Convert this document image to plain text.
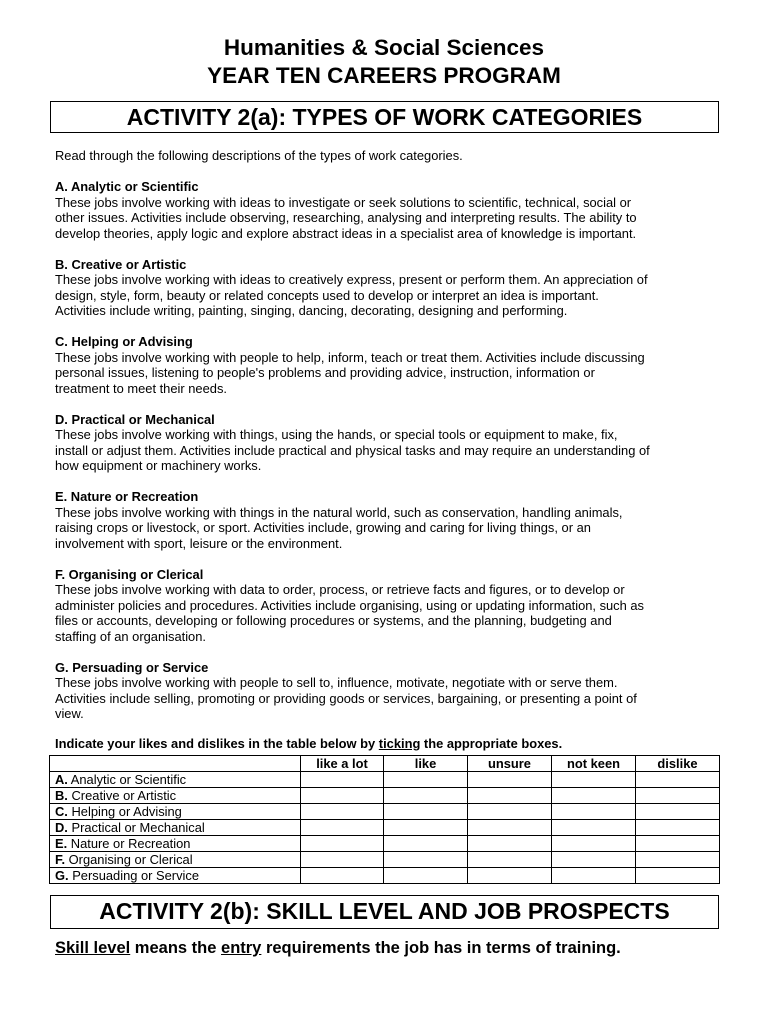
Humanities & Social Sciences
YEAR TEN CAREERS PROGRAM
ACTIVITY 2(a): TYPES OF WORK CATEGORIES

Read through the following descriptions of the types of work categories.

A. Analytic or Scientific

These jobs involve working with ideas to investigate or seek solutions to scientific, technical, social or

other issues. Activities include observing, researching, analysing and interpreting results. The ability to

develop theories, apply logic and explore abstract ideas in a specialist area of knowledge is important.

B. Creative or Artistic

These jobs involve working with ideas to creatively express, present or perform them. An appreciation of

design, style, form, beauty or related concepts used to develop or interpret an idea is important.

Activities include writing, painting, singing, dancing, decorating, designing and performing.

C. Helping or Advising

These jobs involve working with people to help, inform, teach or treat them. Activities include discussing

personal issues, listening to people's problems and providing advice, instruction, information or

treatment to meet their needs.

D. Practical or Mechanical

These jobs involve working with things, using the hands, or special tools or equipment to make, fix,

install or adjust them. Activities include practical and physical tasks and may require an understanding of

how equipment or machinery works.

E. Nature or Recreation

These jobs involve working with things in the natural world, such as conservation, handling animals,

raising crops or livestock, or sport. Activities include, growing and caring for living things, or an

involvement with sport, leisure or the environment.

F. Organising or Clerical

These jobs involve working with data to order, process, or retrieve facts and figures, or to develop or

administer policies and procedures. Activities include organising, using or updating information, such as

files or accounts, developing or following procedures or systems, and the planning, budgeting and

staffing of an organisation.

G. Persuading or Service

These jobs involve working with people to sell to, influence, motivate, negotiate with or serve them.

Activities include selling, promoting or providing goods or services, bargaining, or presenting a point of

view.

Indicate your likes and dislikes in the table below by ticking the appropriate boxes.

	like a lot	like	unsure	not keen	dislike
A. Analytic or Scientific					
B. Creative or Artistic					
C. Helping or Advising					
D. Practical or Mechanical					
E. Nature or Recreation					
F. Organising or Clerical					
G. Persuading or Service					
ACTIVITY 2(b): SKILL LEVEL AND JOB PROSPECTS
Skill level means the entry requirements the job has in terms of training.
